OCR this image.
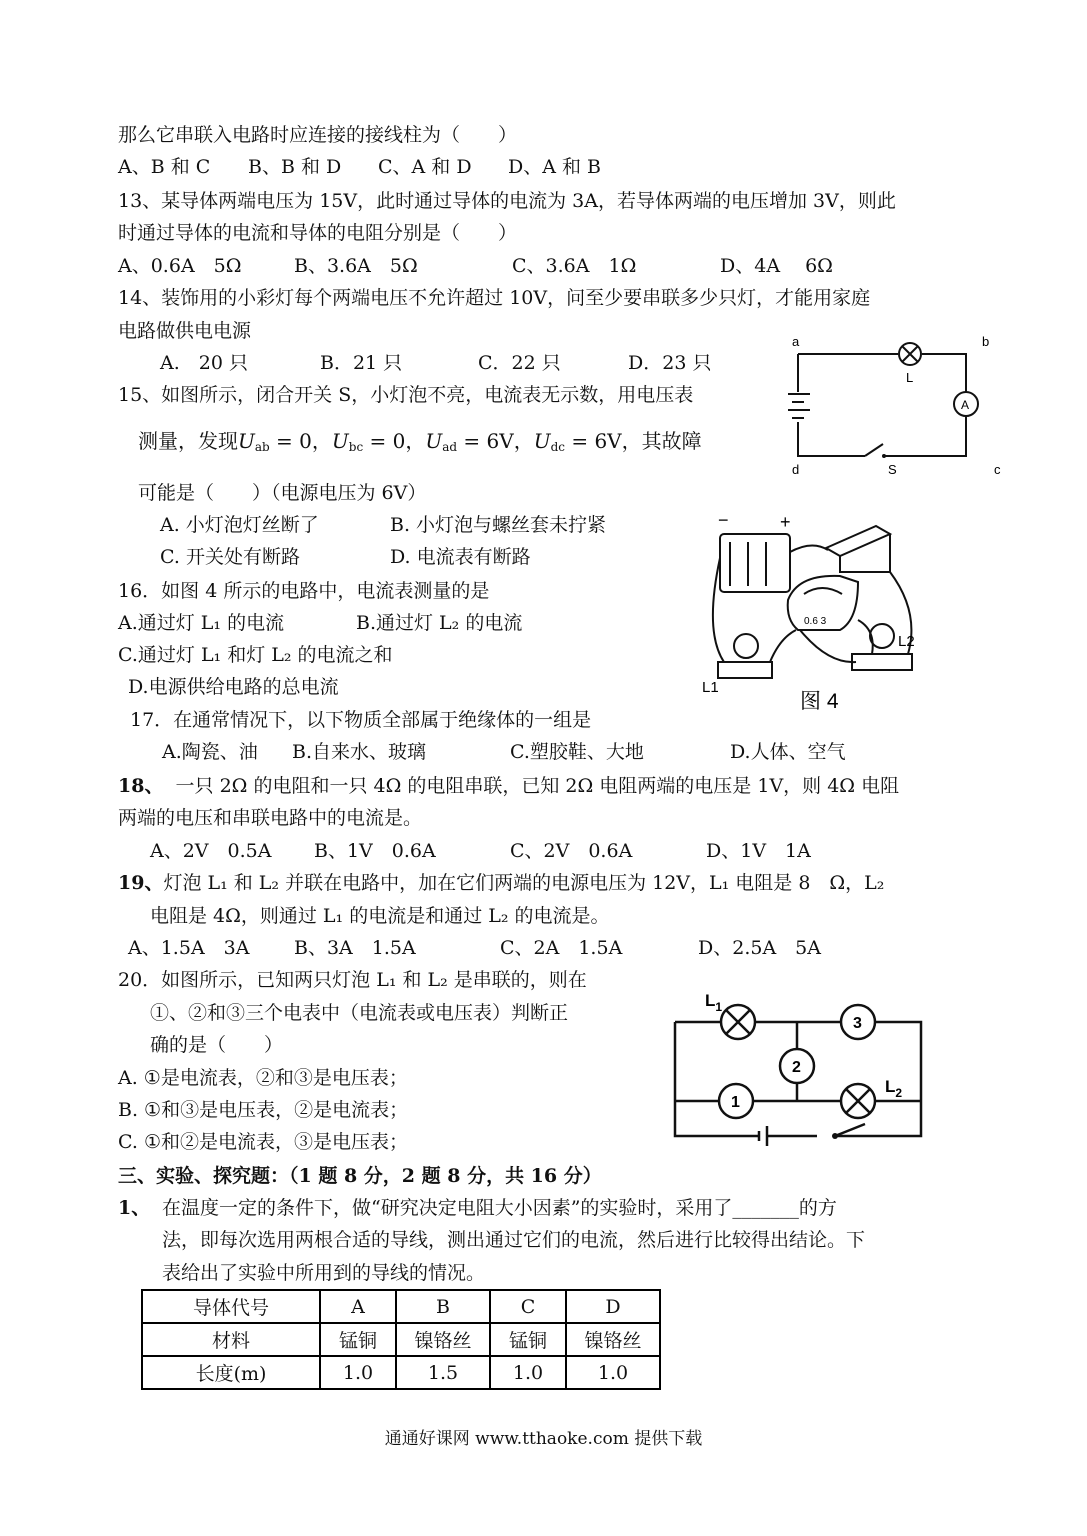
那么它串联入电路时应连接的接线柱为（　　）
A、B 和 C B、B 和 D C、A 和 D D、A 和 B
13、某导体两端电压为 15V，此时通过导体的电流为 3A，若导体两端的电压增加 3V，则此
时通过导体的电流和导体的电阻分别是（　　）
A、0.6A　5Ω	B、3.6A　5Ω	C、3.6A　1Ω	D、4A　 6Ω
14、装饰用的小彩灯每个两端电压不允许超过 10V，问至少要串联多少只灯，才能用家庭
电路做供电电源
A.　20 只	B．21 只	C．22 只	D．23 只
15、如图所示，闭合开关 S，小灯泡不亮，电流表无示数，用电压表
测量，发现$U_{ab} = 0$，$U_{bc} = 0$，$U_{ad} = 6V$，$U_{dc} = 6V$，其故障
可能是（　　）（电源电压为 6V）
A. 小灯泡灯丝断了	B. 小灯泡与螺丝套未拧紧
C. 开关处有断路	D. 电流表有断路
a	b
c
d
L
S
A
16．如图 4 所示的电路中，电流表测量的是
A.通过灯 L₁ 的电流	B.通过灯 L₂ 的电流
C.通过灯 L₁ 和灯 L₂ 的电流之和
D.电源供给电路的总电流
−	+
0.6 3
L1
L2
图 4
17．在通常情况下，以下物质全部属于绝缘体的一组是
A.陶瓷、油 B.自来水、玻璃	C.塑胶鞋、大地	D.人体、空气
18、 一只 2Ω 的电阻和一只 4Ω 的电阻串联，已知 2Ω 电阻两端的电压是 1V，则 4Ω 电阻
两端的电压和串联电路中的电流是。
A、2V　0.5A B、1V　0.6A	C、2V　0.6A	D、1V　1A
19、灯泡 L₁ 和 L₂ 并联在电路中，加在它们两端的电源电压为 12V，L₁ 电阻是 8　Ω，L₂
电阻是 4Ω，则通过 L₁ 的电流是和通过 L₂ 的电流是。
A、1.5A　3A B、3A　1.5A	C、2A　1.5A	D、2.5A　5A
20．如图所示，已知两只灯泡 L₁ 和 L₂ 是串联的，则在
①、②和③三个电表中（电流表或电压表）判断正
确的是（　　）
A. ①是电流表，②和③是电压表；
B. ①和③是电压表，②是电流表；
C. ①和②是电流表，③是电压表；
$L_1$
$L_2$
1
2
3
三、实验、探究题：（1 题 8 分，2 题 8 分，共 16 分）
1、 在温度一定的条件下，做“研究决定电阻大小因素”的实验时，采用了_______的方
法，即每次选用两根合适的导线，测出通过它们的电流，然后进行比较得出结论。下
表给出了实验中所用到的导线的情况。
导体代号	A	B	C	D
材料	锰铜	镍铬丝	锰铜	镍铬丝
长度(m)	1.0	1.5	1.0	1.0
通通好课网 www.tthaoke.com 提供下载
